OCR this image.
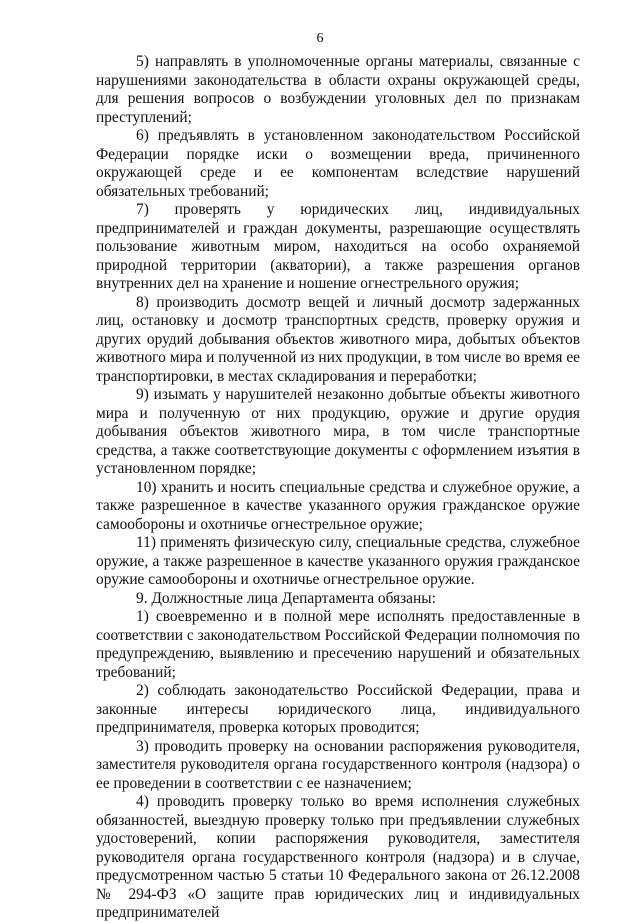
6

5) направлять в уполномоченные органы материалы, связанные с нарушениями законодательства в области охраны окружающей среды, для решения вопросов о возбуждении уголовных дел по признакам преступлений;

6) предъявлять в установленном законодательством Российской Федерации порядке иски о возмещении вреда, причиненного окружающей среде и ее компонентам вследствие нарушений обязательных требований;

7) проверять у юридических лиц, индивидуальных предпринимателей и граждан документы, разрешающие осуществлять пользование животным миром, находиться на особо охраняемой природной территории (акватории), а также разрешения органов внутренних дел на хранение и ношение огнестрельного оружия;

8) производить досмотр вещей и личный досмотр задержанных лиц, остановку и досмотр транспортных средств, проверку оружия и других орудий добывания объектов животного мира, добытых объектов животного мира и полученной из них продукции, в том числе во время ее транспортировки, в местах складирования и переработки;

9) изымать у нарушителей незаконно добытые объекты животного мира и полученную от них продукцию, оружие и другие орудия добывания объектов животного мира, в том числе транспортные средства, а также соответствующие документы с оформлением изъятия в установленном порядке;

10) хранить и носить специальные средства и служебное оружие, а также разрешенное в качестве указанного оружия гражданское оружие самообороны и охотничье огнестрельное оружие;

11) применять физическую силу, специальные средства, служебное оружие, а также разрешенное в качестве указанного оружия гражданское оружие самообороны и охотничье огнестрельное оружие.

9. Должностные лица Департамента обязаны:

1) своевременно и в полной мере исполнять предоставленные в соответствии с законодательством Российской Федерации полномочия по предупреждению, выявлению и пресечению нарушений и обязательных требований;

2) соблюдать законодательство Российской Федерации, права и законные интересы юридического лица, индивидуального предпринимателя, проверка которых проводится;

3) проводить проверку на основании распоряжения руководителя, заместителя руководителя органа государственного контроля (надзора) о ее проведении в соответствии с ее назначением;

4) проводить проверку только во время исполнения служебных обязанностей, выездную проверку только при предъявлении служебных удостоверений, копии распоряжения руководителя, заместителя руководителя органа государственного контроля (надзора) и в случае, предусмотренном частью 5 статьи 10 Федерального закона от 26.12.2008 № 294-ФЗ «О защите прав юридических лиц и индивидуальных предпринимателей
